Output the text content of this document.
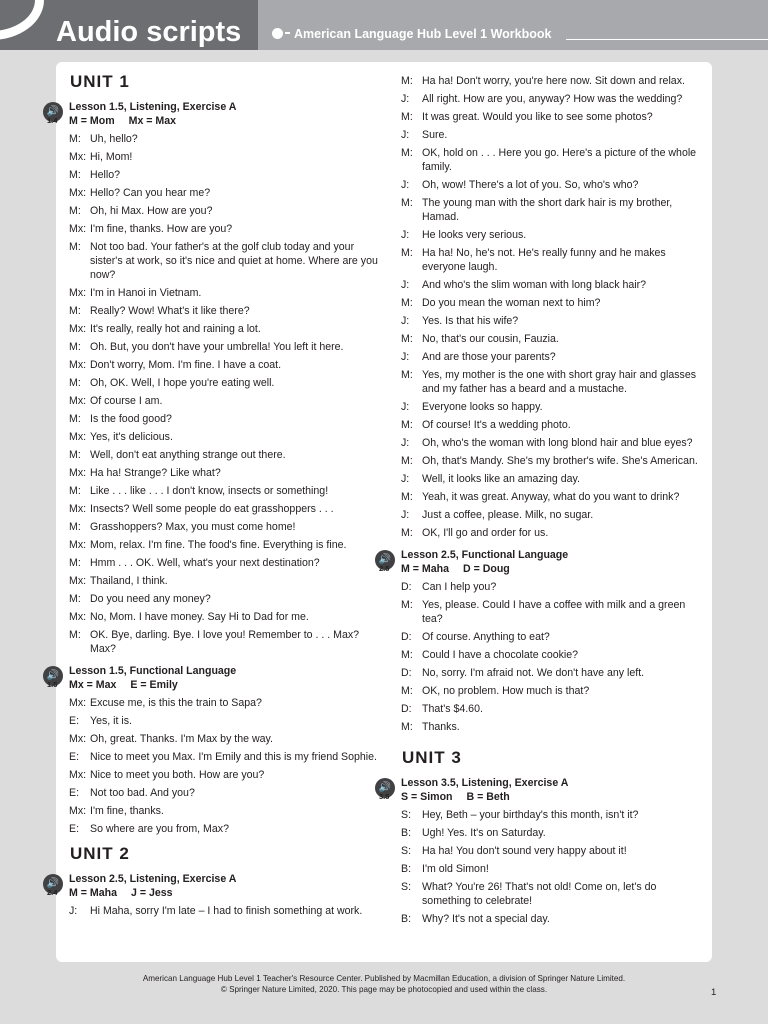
Audio scripts	American Language Hub Level 1 Workbook
UNIT 1
🔊
1.4
Lesson 1.5, Listening, Exercise A
M = Mom Mx = Max
M: Uh, hello?
Mx: Hi, Mom!
M: Hello?
Mx: Hello? Can you hear me?
M: Oh, hi Max. How are you?
Mx: I'm fine, thanks. How are you?
M: Not too bad. Your father's at the golf club today and your sister's at work, so it's nice and quiet at home. Where are you now?
Mx: I'm in Hanoi in Vietnam.
M: Really? Wow! What's it like there?
Mx: It's really, really hot and raining a lot.
M: Oh. But, you don't have your umbrella! You left it here.
Mx: Don't worry, Mom. I'm fine. I have a coat.
M: Oh, OK. Well, I hope you're eating well.
Mx: Of course I am.
M: Is the food good?
Mx: Yes, it's delicious.
M: Well, don't eat anything strange out there.
Mx: Ha ha! Strange? Like what?
M: Like . . . like . . . I don't know, insects or something!
Mx: Insects? Well some people do eat grasshoppers . . .
M: Grasshoppers? Max, you must come home!
Mx: Mom, relax. I'm fine. The food's fine. Everything is fine.
M: Hmm . . . OK. Well, what's your next destination?
Mx: Thailand, I think.
M: Do you need any money?
Mx: No, Mom. I have money. Say Hi to Dad for me.
M: OK. Bye, darling. Bye. I love you! Remember to . . . Max? Max?
🔊
1.5
Lesson 1.5, Functional Language
Mx = Max E = Emily
Mx: Excuse me, is this the train to Sapa?
E:	Yes, it is.
Mx: Oh, great. Thanks. I'm Max by the way.
E:	Nice to meet you Max. I'm Emily and this is my friend Sophie.
Mx: Nice to meet you both. How are you?
E:	Not too bad. And you?
Mx: I'm fine, thanks.
E:	So where are you from, Max?
UNIT 2
🔊
2.4
Lesson 2.5, Listening, Exercise A
M = Maha J = Jess
J:	Hi Maha, sorry I'm late – I had to finish something at work.
M: Ha ha! Don't worry, you're here now. Sit down and relax.
J:	All right. How are you, anyway? How was the wedding?
M: It was great. Would you like to see some photos?
J:	Sure.
M: OK, hold on . . . Here you go. Here's a picture of the whole family.
J:	Oh, wow! There's a lot of you. So, who's who?
M: The young man with the short dark hair is my brother, Hamad.
J:	He looks very serious.
M: Ha ha! No, he's not. He's really funny and he makes everyone laugh.
J:	And who's the slim woman with long black hair?
M: Do you mean the woman next to him?
J:	Yes. Is that his wife?
M: No, that's our cousin, Fauzia.
J:	And are those your parents?
M: Yes, my mother is the one with short gray hair and glasses and my father has a beard and a mustache.
J:	Everyone looks so happy.
M: Of course! It's a wedding photo.
J:	Oh, who's the woman with long blond hair and blue eyes?
M: Oh, that's Mandy. She's my brother's wife. She's American.
J:	Well, it looks like an amazing day.
M: Yeah, it was great. Anyway, what do you want to drink?
J:	Just a coffee, please. Milk, no sugar.
M: OK, I'll go and order for us.
🔊
2.5
Lesson 2.5, Functional Language
M = Maha D = Doug
D: Can I help you?
M: Yes, please. Could I have a coffee with milk and a green tea?
D: Of course. Anything to eat?
M: Could I have a chocolate cookie?
D: No, sorry. I'm afraid not. We don't have any left.
M: OK, no problem. How much is that?
D: That's $4.60.
M: Thanks.
UNIT 3
🔊
3.5
Lesson 3.5, Listening, Exercise A
S = Simon B = Beth
S:	Hey, Beth – your birthday's this month, isn't it?
B:	Ugh! Yes. It's on Saturday.
S:	Ha ha! You don't sound very happy about it!
B:	I'm old Simon!
S:	What? You're 26! That's not old! Come on, let's do something to celebrate!
B:	Why? It's not a special day.
American Language Hub Level 1 Teacher's Resource Center. Published by Macmillan Education, a division of Springer Nature Limited.
© Springer Nature Limited, 2020. This page may be photocopied and used within the class.	1
